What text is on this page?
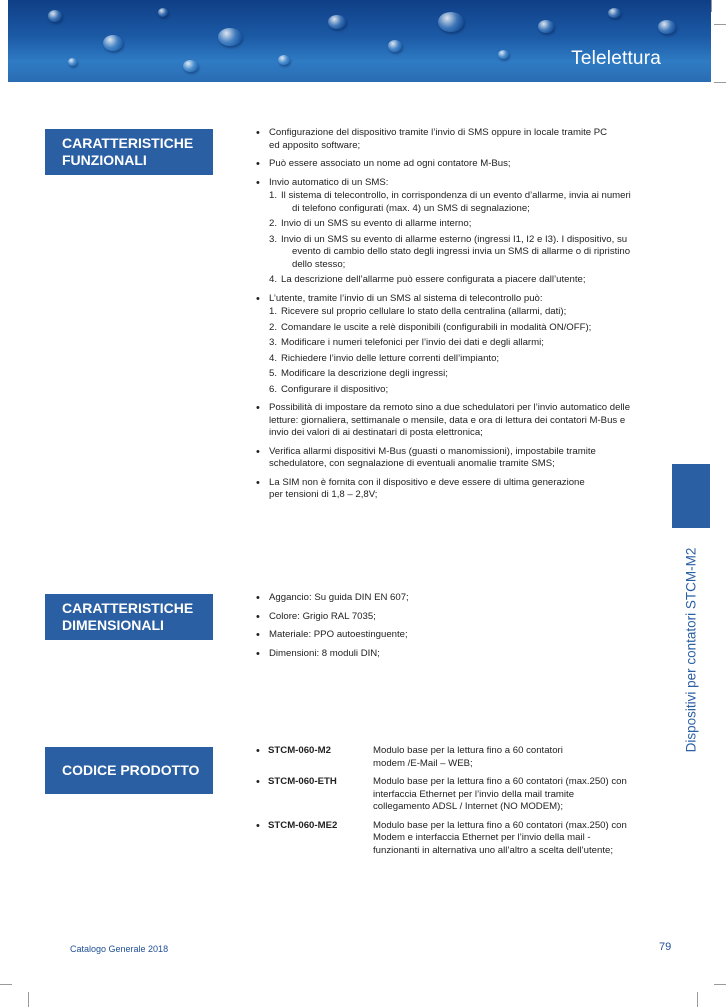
Telelettura
CARATTERISTICHE
FUNZIONALI
• Configurazione del dispositivo tramite l’invio di SMS oppure in locale tramite PC
ed apposito software;
• Può essere associato un nome ad ogni contatore M-Bus;
• Invio automatico di un SMS:
1. Il sistema di telecontrollo, in corrispondenza di un evento d’allarme, invia ai numeri
di telefono configurati (max. 4) un SMS di segnalazione;
2. Invio di un SMS su evento di allarme interno;
3. Invio di un SMS su evento di allarme esterno (ingressi I1, I2 e I3). I dispositivo, su
evento di cambio dello stato degli ingressi invia un SMS di allarme o di ripristino
dello stesso;
4. La descrizione dell’allarme può essere configurata a piacere dall’utente;
• L’utente, tramite l’invio di un SMS al sistema di telecontrollo può:
1. Ricevere sul proprio cellulare lo stato della centralina (allarmi, dati);
2. Comandare le uscite a relè disponibili (configurabili in modalità ON/OFF);
3. Modificare i numeri telefonici per l’invio dei dati e degli allarmi;
4. Richiedere l’invio delle letture correnti dell’impianto;
5. Modificare la descrizione degli ingressi;
6. Configurare il dispositivo;
• Possibilità di impostare da remoto sino a due schedulatori per l’invio automatico delle
letture: giornaliera, settimanale o mensile, data e ora di lettura dei contatori M-Bus e
invio dei valori di ai destinatari di posta elettronica;
• Verifica allarmi dispositivi M-Bus (guasti o manomissioni), impostabile tramite
schedulatore, con segnalazione di eventuali anomalie tramite SMS;
• La SIM non è fornita con il dispositivo e deve essere di ultima generazione
per tensioni di 1,8 – 2,8V;
CARATTERISTICHE
DIMENSIONALI
• Aggancio: Su guida DIN EN 607;
• Colore: Grigio RAL 7035;
• Materiale: PPO autoestinguente;
• Dimensioni: 8 moduli DIN;
CODICE PRODOTTO
• STCM-060-M2	Modulo base per la lettura fino a 60 contatori
modem /E-Mail – WEB;
• STCM-060-ETH	Modulo base per la lettura fino a 60 contatori (max.250) con
interfaccia Ethernet per l’invio della mail tramite
collegamento ADSL / Internet (NO MODEM);
• STCM-060-ME2	Modulo base per la lettura fino a 60 contatori (max.250) con
Modem e interfaccia Ethernet per l’invio della mail -
funzionanti in alternativa uno all’altro a scelta dell’utente;
Dispositivi per contatori STCM-M2
Catalogo Generale 2018	79
